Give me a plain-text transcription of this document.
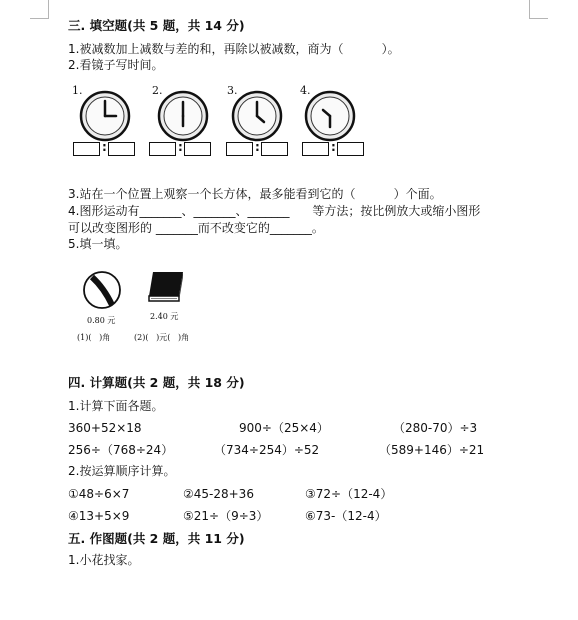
三. 填空题(共 5 题，共 14 分)
1.被减数加上减数与差的和，再除以被减数，商为（          ）。
2.看镜子写时间。
1.	2.	3.	4.
:	:	:	:
3.站在一个位置上观察一个长方体，最多能看到它的（          ）个面。
4.图形运动有_______、_______、_______      等方法；按比例放大或缩小图形
可以改变图形的 _______而不改变它的_______。
5.填一填。
0.80 元	2.40 元
(1)(   )角	(2)(   )元(   )角
四. 计算题(共 2 题，共 18 分)
1.计算下面各题。
360+52×18	900÷（25×4）	（280-70）÷3
256÷（768÷24）	（734÷254）÷52	（589+146）÷21
2.按运算顺序计算。
①48÷6×7	②45-28+36	③72÷（12-4）
④13+5×9	⑤21÷（9÷3）	⑥73-（12-4）
五. 作图题(共 2 题，共 11 分)
1.小花找家。
